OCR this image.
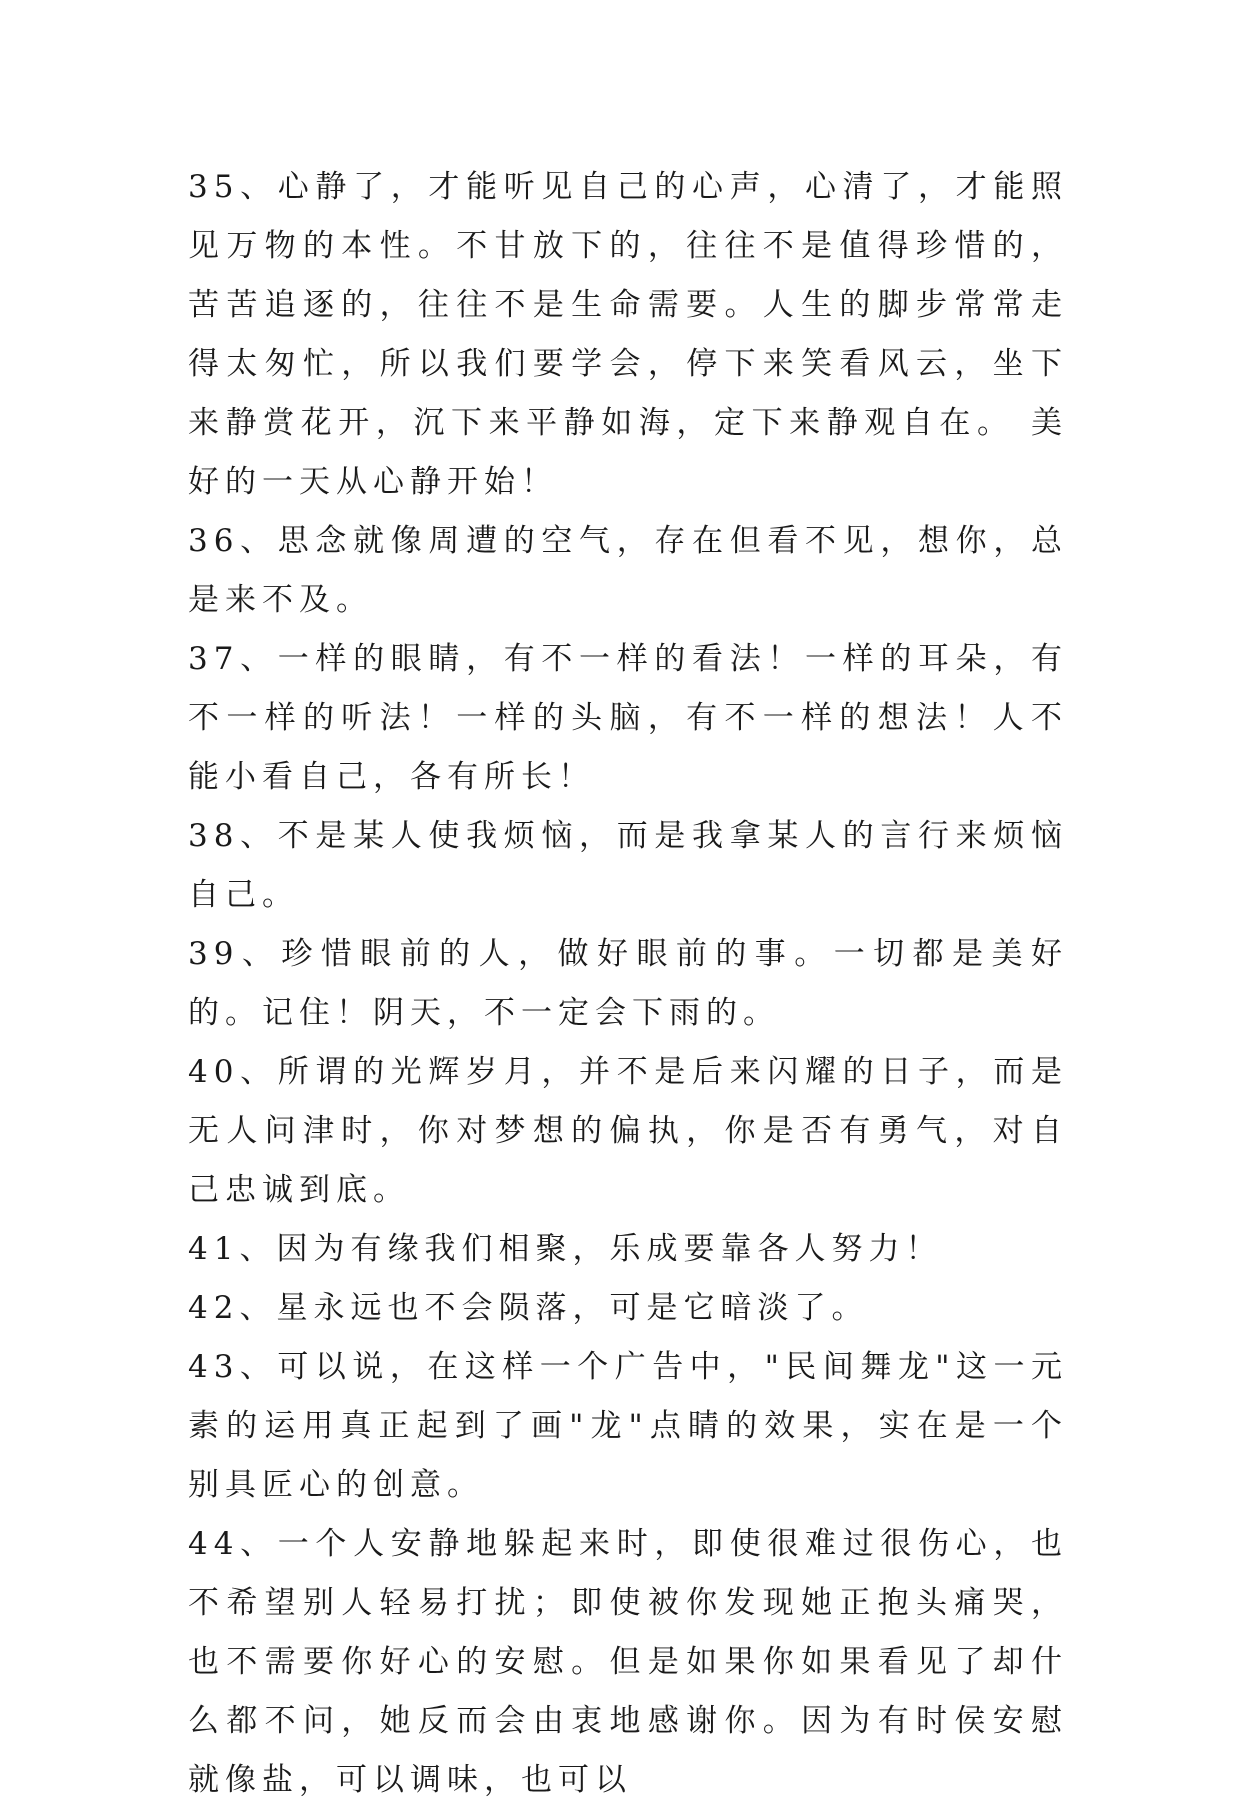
35、心静了，才能听见自己的心声，心清了，才能照见万物的本性。不甘放下的，往往不是值得珍惜的，苦苦追逐的，往往不是生命需要。人生的脚步常常走得太匆忙，所以我们要学会，停下来笑看风云，坐下来静赏花开，沉下来平静如海，定下来静观自在。 美好的一天从心静开始！

36、思念就像周遭的空气，存在但看不见，想你，总是来不及。

37、一样的眼睛，有不一样的看法！一样的耳朵，有不一样的听法！一样的头脑，有不一样的想法！人不能小看自己，各有所长！

38、不是某人使我烦恼，而是我拿某人的言行来烦恼自己。

39、珍惜眼前的人，做好眼前的事。一切都是美好的。记住！阴天，不一定会下雨的。

40、所谓的光辉岁月，并不是后来闪耀的日子，而是无人问津时，你对梦想的偏执，你是否有勇气，对自己忠诚到底。

41、因为有缘我们相聚，乐成要靠各人努力！

42、星永远也不会陨落，可是它暗淡了。

43、可以说，在这样一个广告中，"民间舞龙"这一元素的运用真正起到了画"龙"点睛的效果，实在是一个别具匠心的创意。

44、一个人安静地躲起来时，即使很难过很伤心，也不希望别人轻易打扰；即使被你发现她正抱头痛哭，也不需要你好心的安慰。但是如果你如果看见了却什么都不问，她反而会由衷地感谢你。因为有时侯安慰就像盐，可以调味，也可以
